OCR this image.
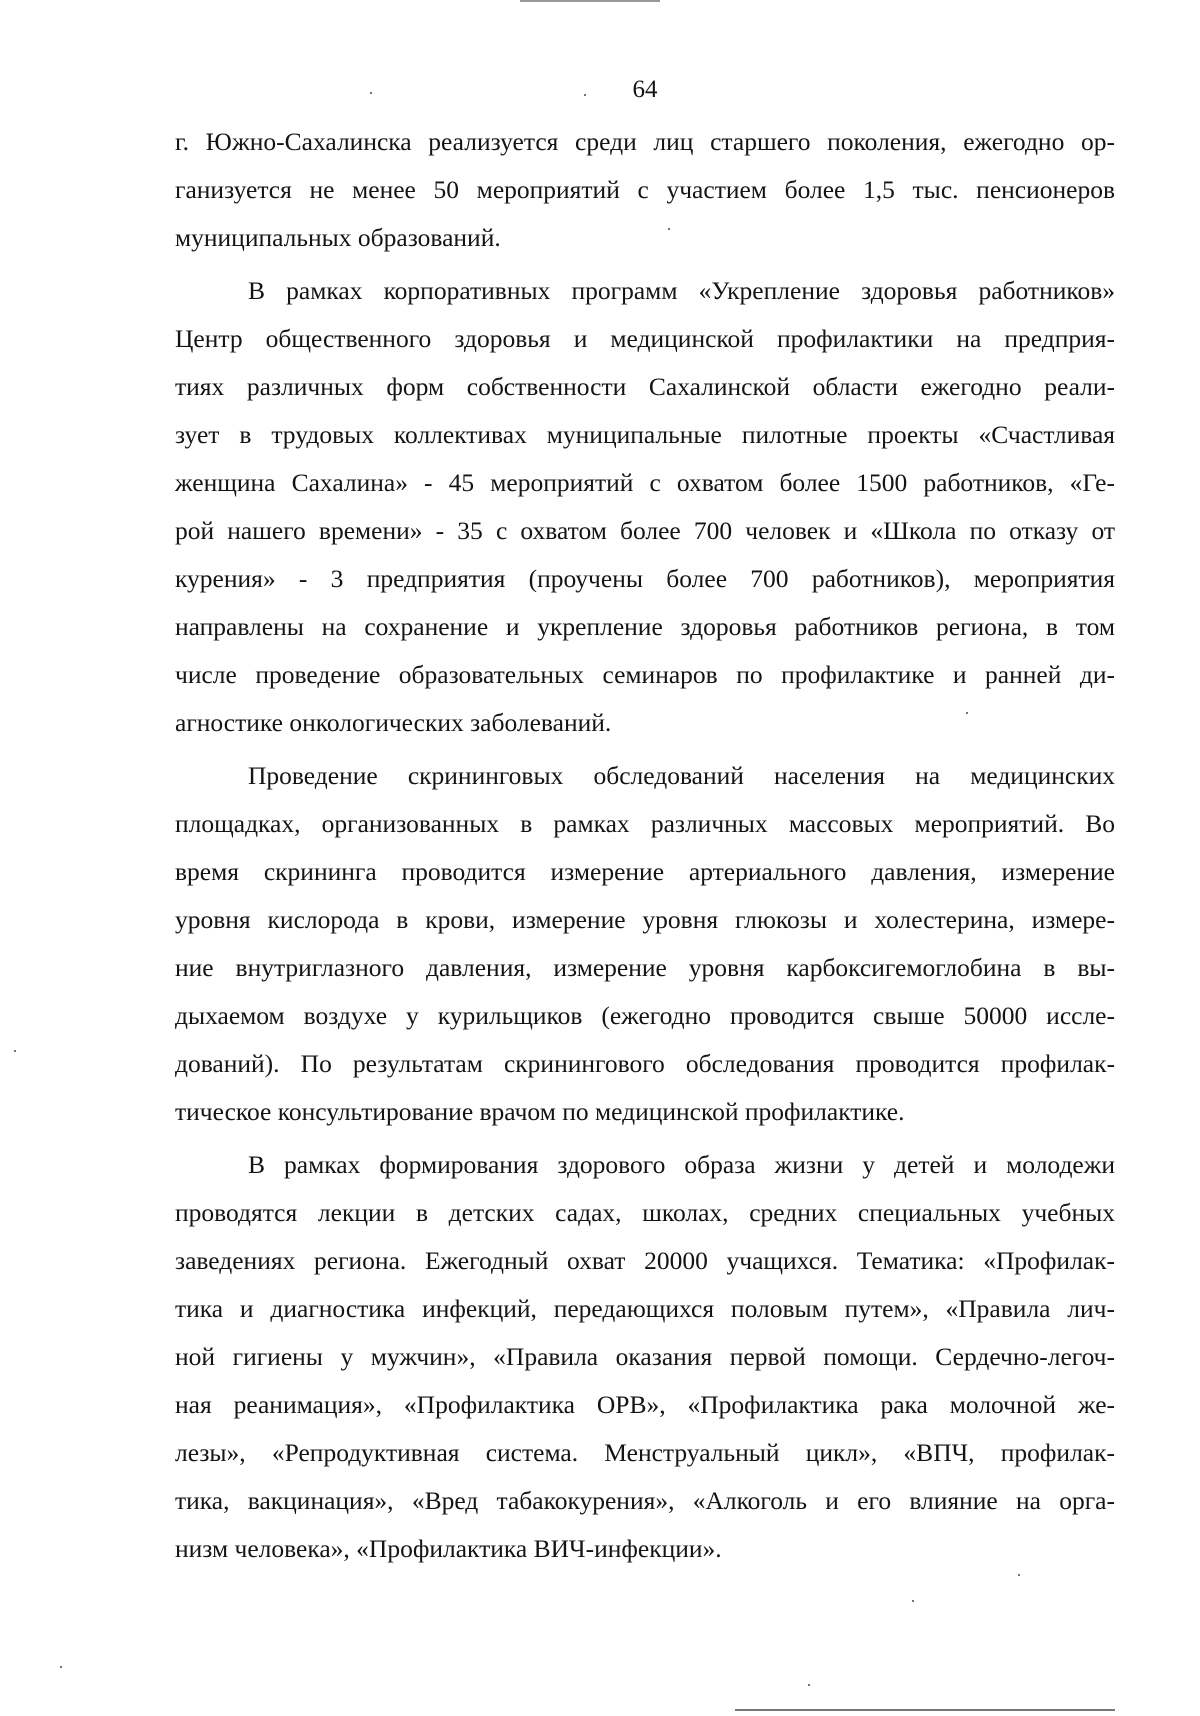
64
г. Южно-Сахалинска реализуется среди лиц старшего поколения, ежегодно ор-
ганизуется не менее 50 мероприятий с участием более 1,5 тыс. пенсионеров
муниципальных образований.
В рамках корпоративных программ «Укрепление здоровья работников»
Центр общественного здоровья и медицинской профилактики на предприя-
тиях различных форм собственности Сахалинской области ежегодно реали-
зует в трудовых коллективах муниципальные пилотные проекты «Счастливая
женщина Сахалина» - 45 мероприятий с охватом более 1500 работников, «Ге-
рой нашего времени» - 35 с охватом более 700 человек и «Школа по отказу от
курения» - 3 предприятия (проучены более 700 работников), мероприятия
направлены на сохранение и укрепление здоровья работников региона, в том
числе проведение образовательных семинаров по профилактике и ранней ди-
агностике онкологических заболеваний.
Проведение скрининговых обследований населения на медицинских
площадках, организованных в рамках различных массовых мероприятий. Во
время скрининга проводится измерение артериального давления, измерение
уровня кислорода в крови, измерение уровня глюкозы и холестерина, измере-
ние внутриглазного давления, измерение уровня карбоксигемоглобина в вы-
дыхаемом воздухе у курильщиков (ежегодно проводится свыше 50000 иссле-
дований). По результатам скринингового обследования проводится профилак-
тическое консультирование врачом по медицинской профилактике.
В рамках формирования здорового образа жизни у детей и молодежи
проводятся лекции в детских садах, школах, средних специальных учебных
заведениях региона. Ежегодный охват 20000 учащихся. Тематика: «Профилак-
тика и диагностика инфекций, передающихся половым путем», «Правила лич-
ной гигиены у мужчин», «Правила оказания первой помощи. Сердечно-легоч-
ная реанимация», «Профилактика ОРВ», «Профилактика рака молочной же-
лезы», «Репродуктивная система. Менструальный цикл», «ВПЧ, профилак-
тика, вакцинация», «Вред табакокурения», «Алкоголь и его влияние на орга-
низм человека», «Профилактика ВИЧ-инфекции».
